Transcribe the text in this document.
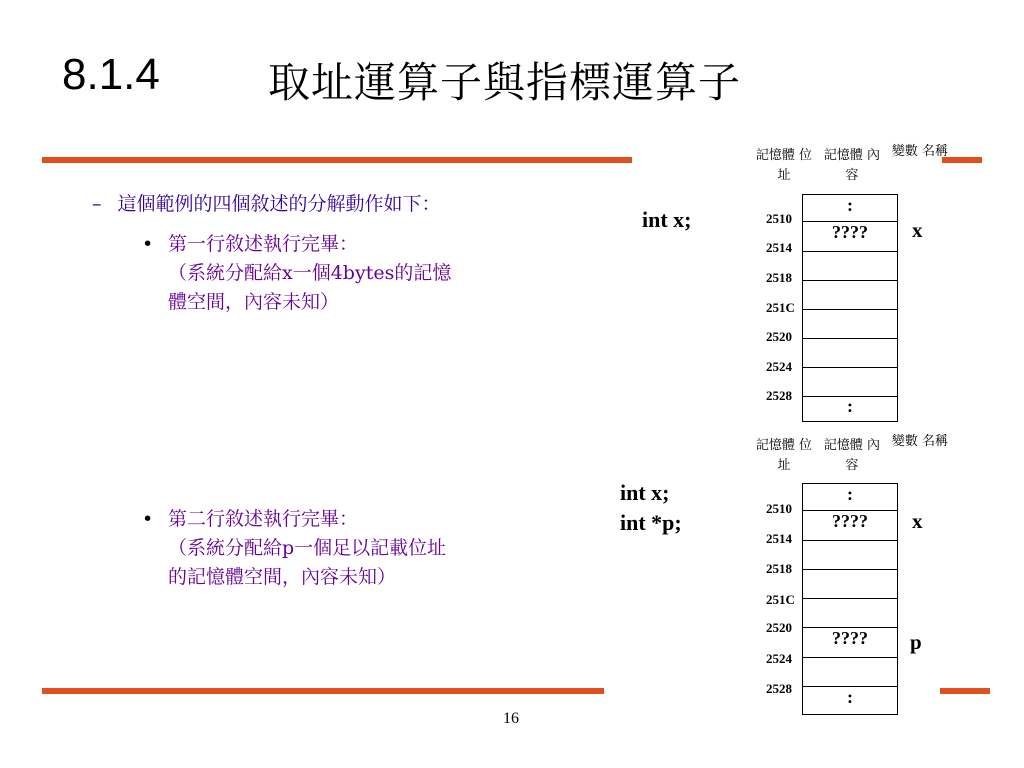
8.1.4	取址運算子與指標運算子
– 這個範例的四個敘述的分解動作如下：
• 第一行敘述執行完畢：
（系統分配給x一個4bytes的記憶
體空間，內容未知）
• 第二行敘述執行完畢：
（系統分配給p一個足以記載位址
的記憶體空間，內容未知）
int x;
記憶體 位址
記憶體 內容
變數 名稱
:
????
:
2510
2514
2518
251C
2520
2524
2528
x
int x;
int *p;
記憶體 位址
記憶體 內容
變數 名稱
:
????
????
:
2510
2514
2518
251C
2520
2524
2528
x
p
16
